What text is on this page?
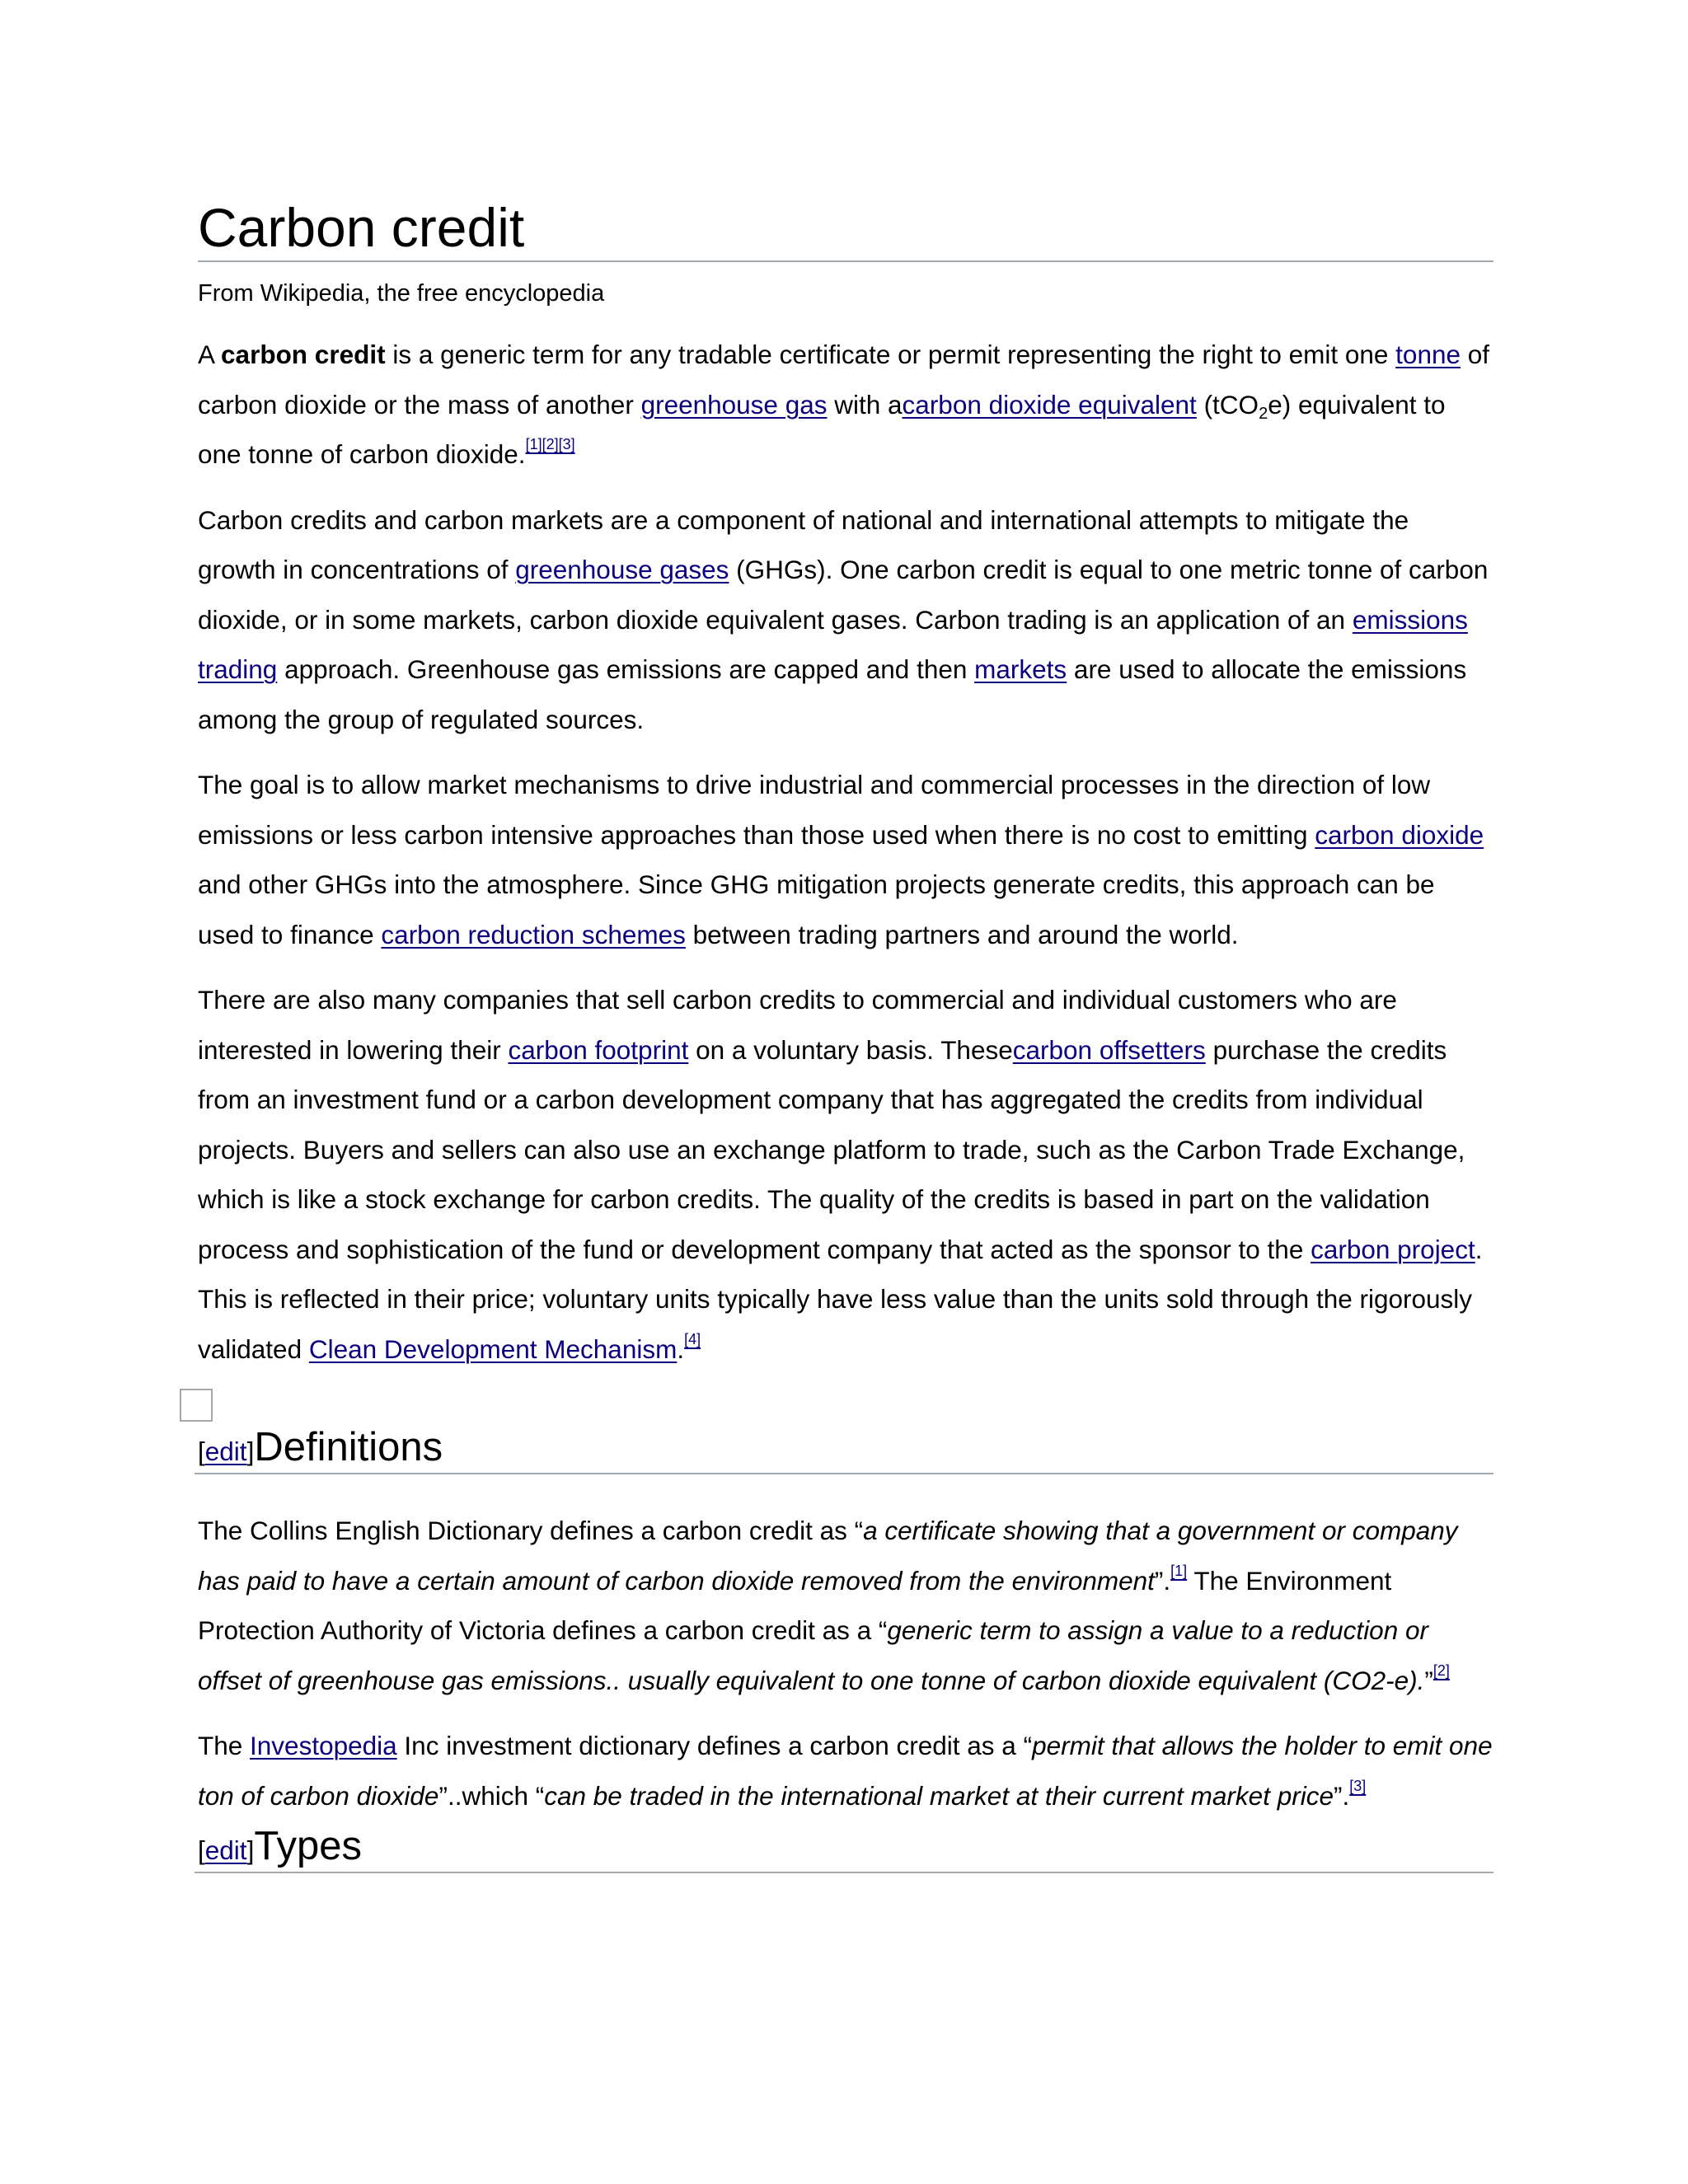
Carbon credit
From Wikipedia, the free encyclopedia

A carbon credit is a generic term for any tradable certificate or permit representing the right to emit one tonne of carbon dioxide or the mass of another greenhouse gas with acarbon dioxide equivalent (tCO$_2$e) equivalent to one tonne of carbon dioxide.[1][2][3]

Carbon credits and carbon markets are a component of national and international attempts to mitigate the growth in concentrations of greenhouse gases (GHGs). One carbon credit is equal to one metric tonne of carbon dioxide, or in some markets, carbon dioxide equivalent gases. Carbon trading is an application of an emissions trading approach. Greenhouse gas emissions are capped and then markets are used to allocate the emissions among the group of regulated sources.

The goal is to allow market mechanisms to drive industrial and commercial processes in the direction of low emissions or less carbon intensive approaches than those used when there is no cost to emitting carbon dioxide and other GHGs into the atmosphere. Since GHG mitigation projects generate credits, this approach can be used to finance carbon reduction schemes between trading partners and around the world.

There are also many companies that sell carbon credits to commercial and individual customers who are interested in lowering their carbon footprint on a voluntary basis. Thesecarbon offsetters purchase the credits from an investment fund or a carbon development company that has aggregated the credits from individual projects. Buyers and sellers can also use an exchange platform to trade, such as the Carbon Trade Exchange, which is like a stock exchange for carbon credits. The quality of the credits is based in part on the validation process and sophistication of the fund or development company that acted as the sponsor to the carbon project. This is reflected in their price; voluntary units typically have less value than the units sold through the rigorously validated Clean Development Mechanism.[4]

[edit] Definitions

The Collins English Dictionary defines a carbon credit as “a certificate showing that a government or company has paid to have a certain amount of carbon dioxide removed from the environment”.[1] The Environment Protection Authority of Victoria defines a carbon credit as a “generic term to assign a value to a reduction or offset of greenhouse gas emissions.. usually equivalent to one tonne of carbon dioxide equivalent (CO2-e).”[2]

The Investopedia Inc investment dictionary defines a carbon credit as a “permit that allows the holder to emit one ton of carbon dioxide”..which “can be traded in the international market at their current market price”.[3]

[edit] Types
